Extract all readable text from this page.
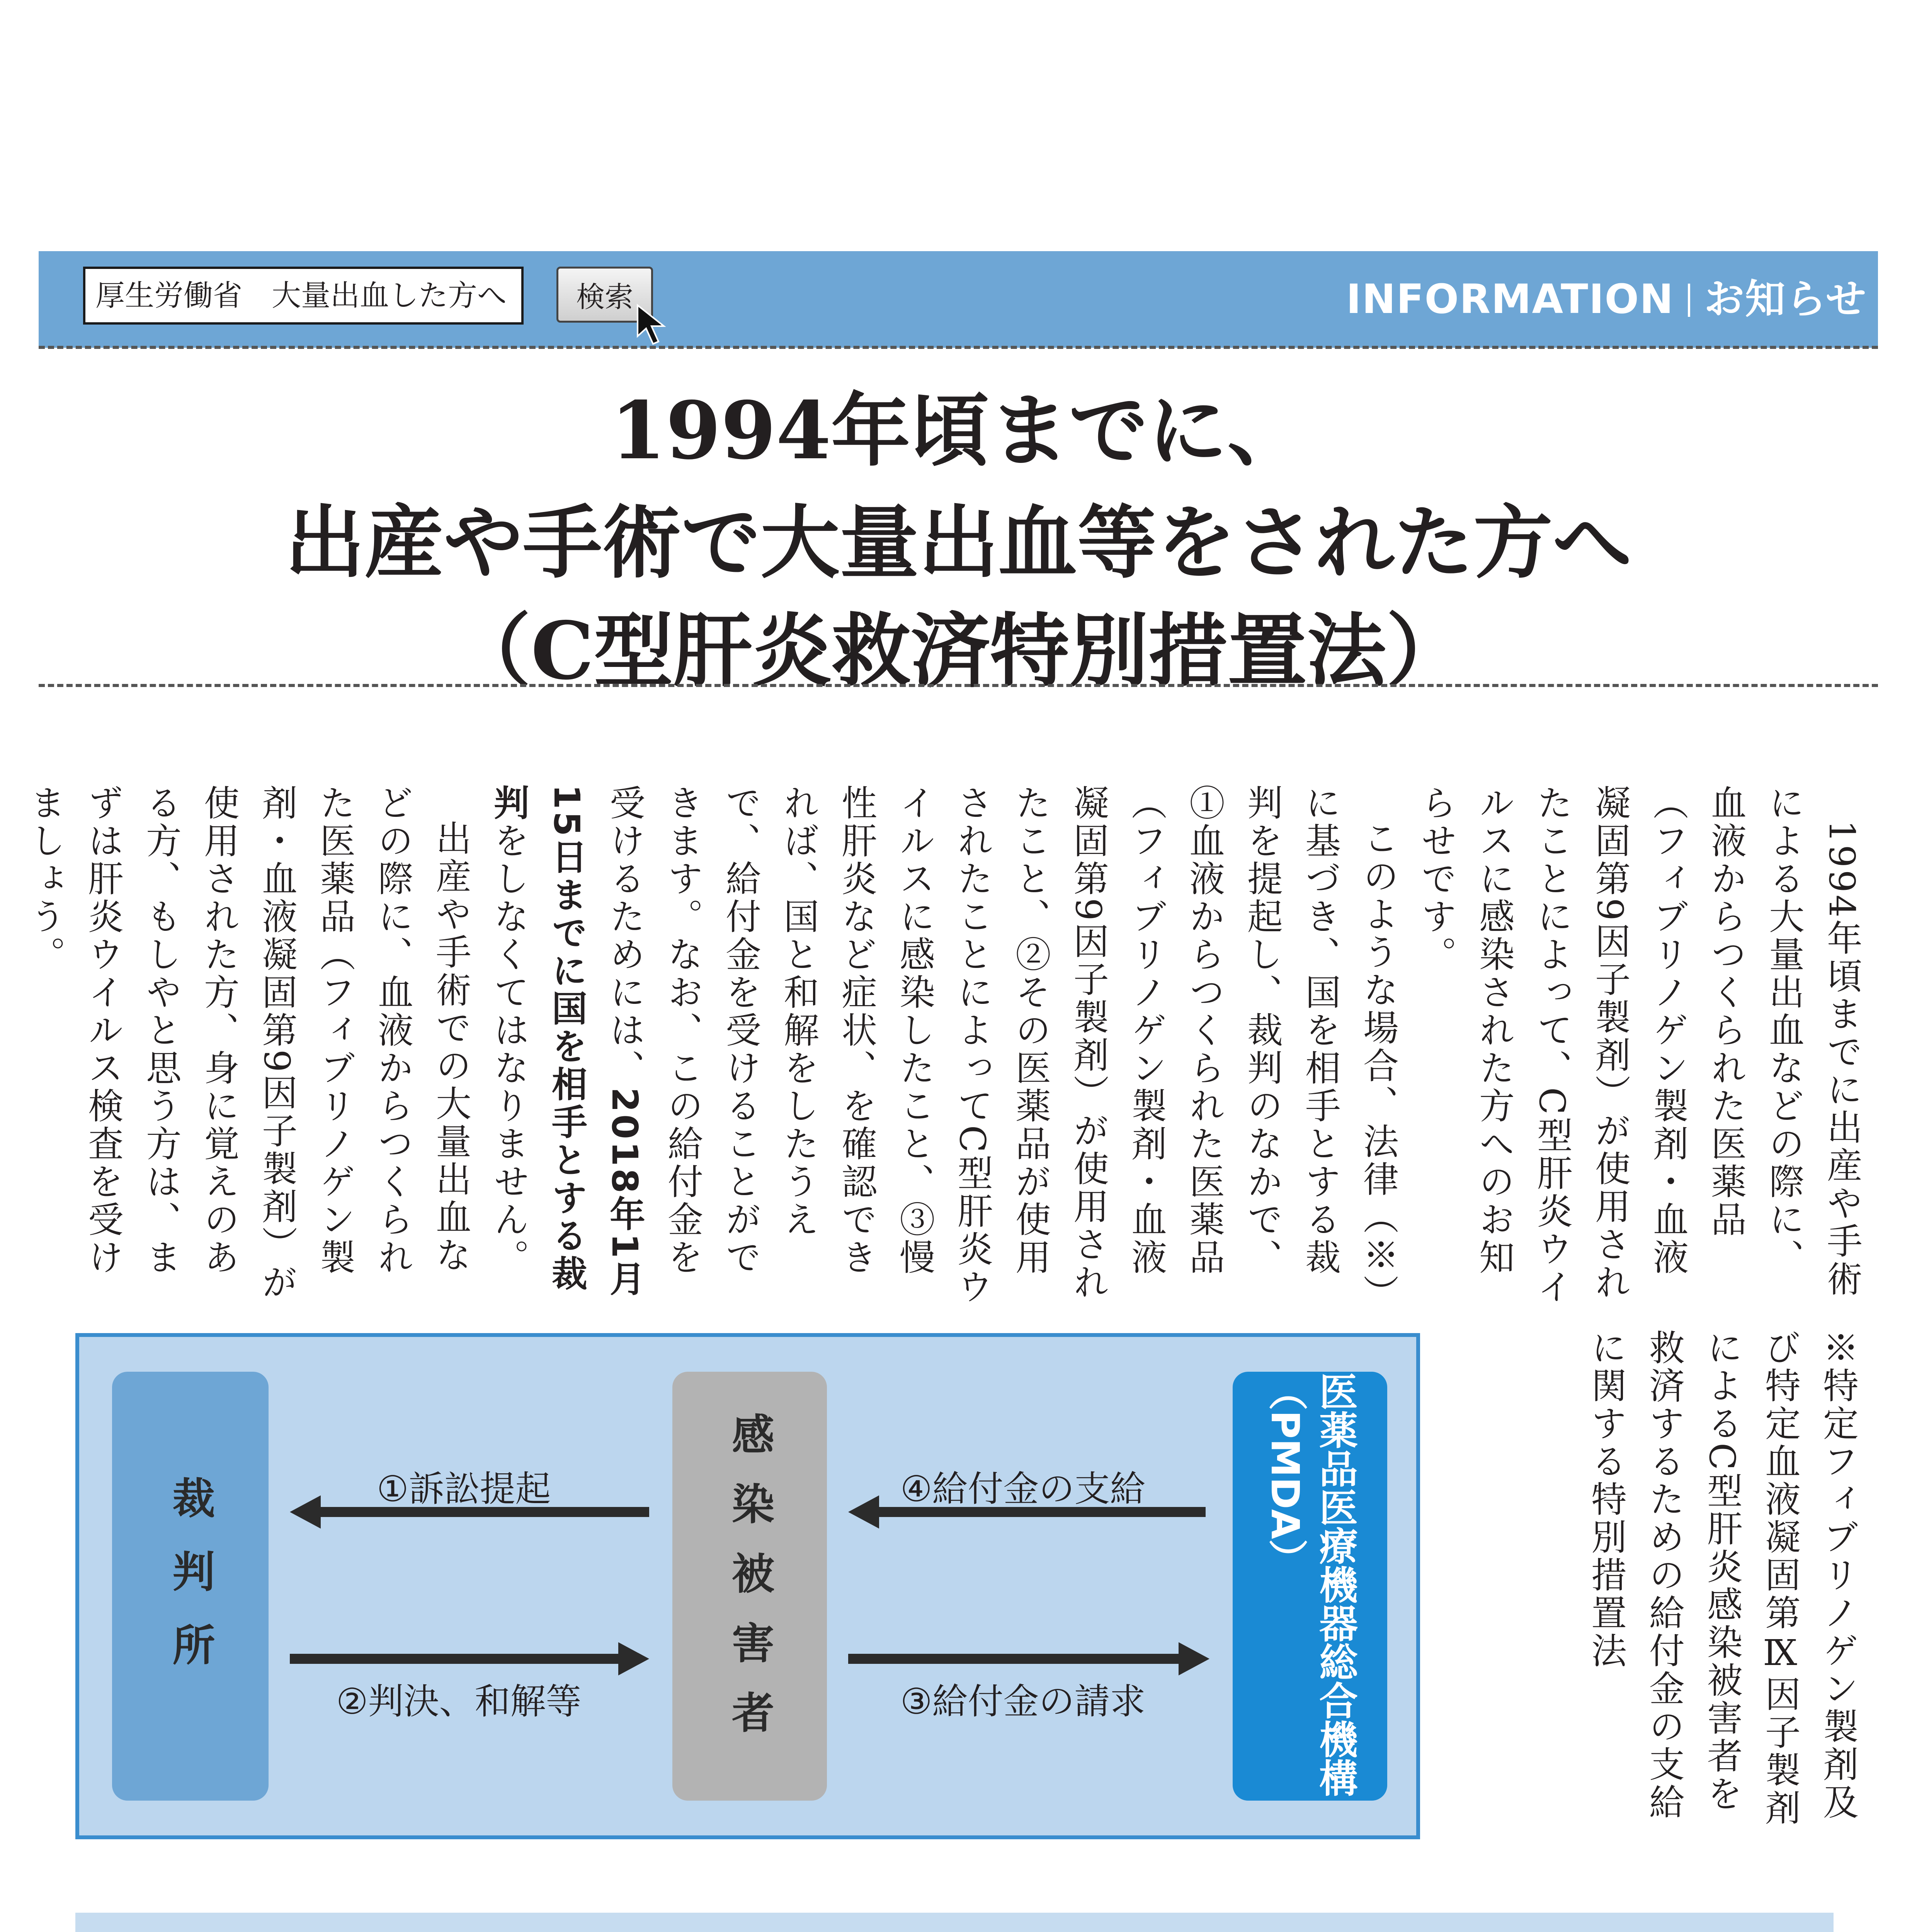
厚生労働省　大量出血した方へ	検索	INFORMATION お知らせ
1994年頃までに、
出産や手術で大量出血等をされた方へ
（C型肝炎救済特別措置法）

1994年頃までに出産や手術による大量出血などの際に、血液からつくられた医薬品（フィブリノゲン製剤・血液凝固第9因子製剤）が使用されたことによって、C型肝炎ウイルスに感染された方へのお知らせです。

このような場合、法律（※）に基づき、国を相手とする裁判を提起し、裁判のなかで、①血液からつくられた医薬品（フィブリノゲン製剤・血液凝固第9因子製剤）が使用されたこと、②その医薬品が使用されたことによってC型肝炎ウイルスに感染したこと、③慢性肝炎など症状、を確認できれば、国と和解をしたうえで、給付金を受けることができます。なお、この給付金を受けるためには、2018年1月15日までに国を相手とする裁判をしなくてはなりません。

出産や手術での大量出血などの際に、血液からつくられた医薬品（フィブリノゲン製剤・血液凝固第9因子製剤）が使用された方、身に覚えのある方、もしやと思う方は、まずは肝炎ウイルス検査を受けましょう。

※特定フィブリノゲン製剤及び特定血液凝固第Ⅸ因子製剤によるC型肝炎感染被害者を救済するための給付金の支給に関する特別措置法

裁判所	感染被害者	医薬品医療機器総合機構（PMDA）
①訴訟提起
②判決、和解等
④給付金の支給
③給付金の請求
